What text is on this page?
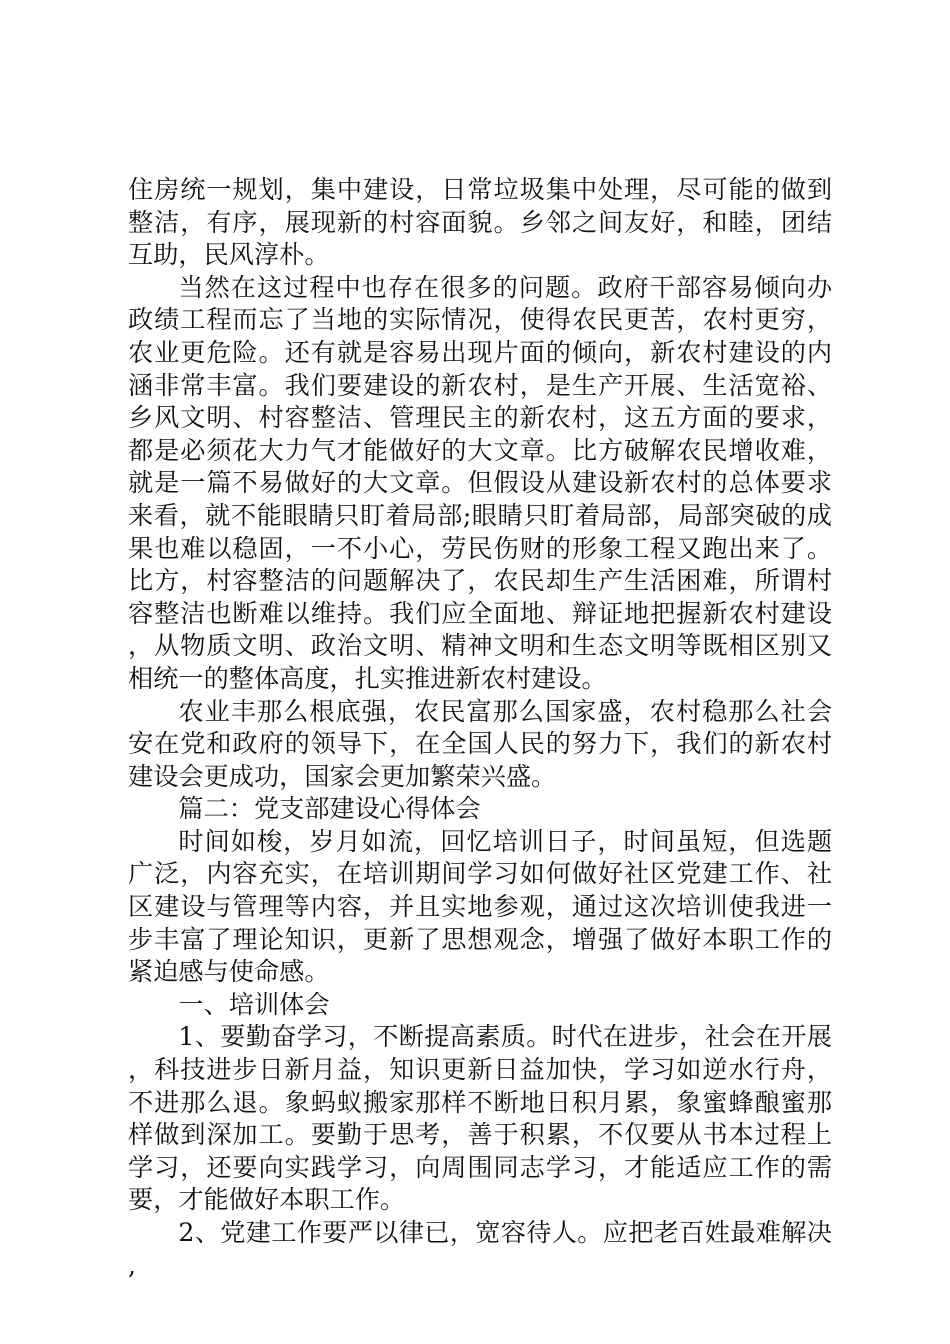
住房统一规划，集中建设，日常垃圾集中处理，尽可能的做到整洁，有序，展现新的村容面貌。乡邻之间友好，和睦，团结互助，民风淳朴。

当然在这过程中也存在很多的问题。政府干部容易倾向办政绩工程而忘了当地的实际情况，使得农民更苦，农村更穷，农业更危险。还有就是容易出现片面的倾向，新农村建设的内涵非常丰富。我们要建设的新农村，是生产开展、生活宽裕、乡风文明、村容整洁、管理民主的新农村，这五方面的要求，都是必须花大力气才能做好的大文章。比方破解农民增收难，就是一篇不易做好的大文章。但假设从建设新农村的总体要求来看，就不能眼睛只盯着局部;眼睛只盯着局部，局部突破的成果也难以稳固，一不小心，劳民伤财的形象工程又跑出来了。比方，村容整洁的问题解决了，农民却生产生活困难，所谓村容整洁也断难以维持。我们应全面地、辩证地把握新农村建设，从物质文明、政治文明、精神文明和生态文明等既相区别又相统一的整体高度，扎实推进新农村建设。

农业丰那么根底强，农民富那么国家盛，农村稳那么社会安在党和政府的领导下，在全国人民的努力下，我们的新农村建设会更成功，国家会更加繁荣兴盛。

篇二：党支部建设心得体会

时间如梭，岁月如流，回忆培训日子，时间虽短，但选题广泛，内容充实，在培训期间学习如何做好社区党建工作、社区建设与管理等内容，并且实地参观，通过这次培训使我进一步丰富了理论知识，更新了思想观念，增强了做好本职工作的紧迫感与使命感。

一、培训体会

1、要勤奋学习，不断提高素质。时代在进步，社会在开展，科技进步日新月益，知识更新日益加快，学习如逆水行舟，不进那么退。象蚂蚁搬家那样不断地日积月累，象蜜蜂酿蜜那样做到深加工。要勤于思考，善于积累，不仅要从书本过程上学习，还要向实践学习，向周围同志学习，才能适应工作的需要，才能做好本职工作。

2、党建工作要严以律已，宽容待人。应把老百姓最难解决,
